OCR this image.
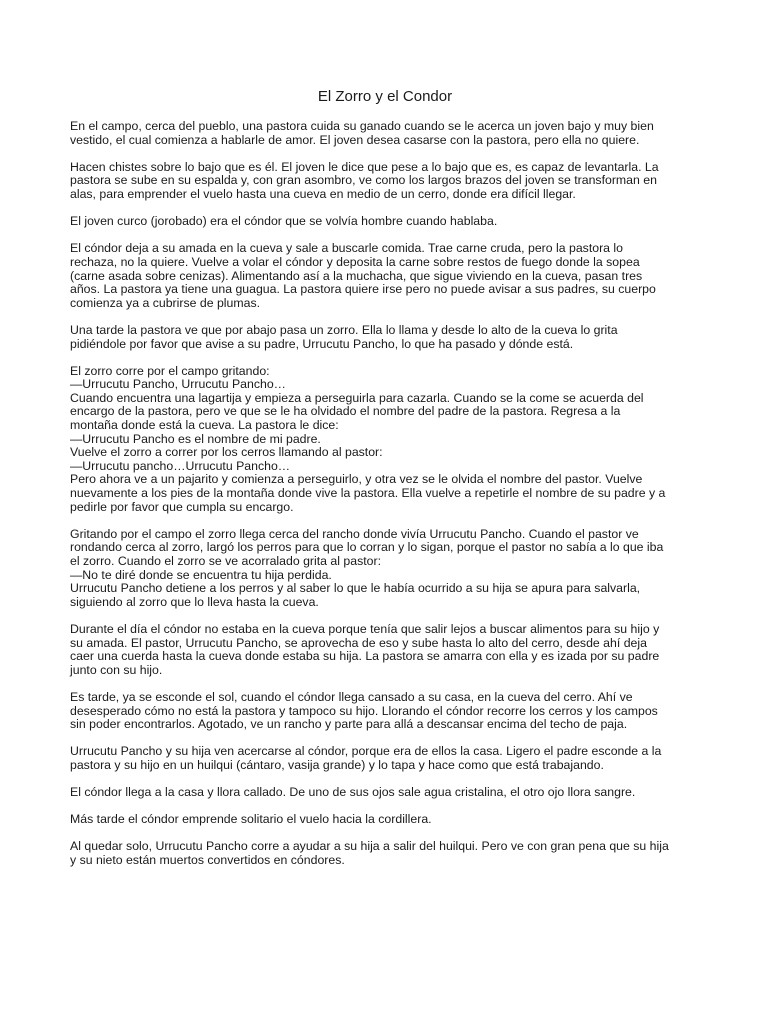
El Zorro y el Condor
En el campo, cerca del pueblo, una pastora cuida su ganado cuando se le acerca un joven bajo y muy bien
vestido, el cual comienza a hablarle de amor. El joven desea casarse con la pastora, pero ella no quiere.
Hacen chistes sobre lo bajo que es él. El joven le dice que pese a lo bajo que es, es capaz de levantarla. La
pastora se sube en su espalda y, con gran asombro, ve como los largos brazos del joven se transforman en
alas, para emprender el vuelo hasta una cueva en medio de un cerro, donde era difícil llegar.
El joven curco (jorobado) era el cóndor que se volvía hombre cuando hablaba.
El cóndor deja a su amada en la cueva y sale a buscarle comida. Trae carne cruda, pero la pastora lo
rechaza, no la quiere. Vuelve a volar el cóndor y deposita la carne sobre restos de fuego donde la sopea
(carne asada sobre cenizas). Alimentando así a la muchacha, que sigue viviendo en la cueva, pasan tres
años. La pastora ya tiene una guagua. La pastora quiere irse pero no puede avisar a sus padres, su cuerpo
comienza ya a cubrirse de plumas.
Una tarde la pastora ve que por abajo pasa un zorro. Ella lo llama y desde lo alto de la cueva lo grita
pidiéndole por favor que avise a su padre, Urrucutu Pancho, lo que ha pasado y dónde está.
El zorro corre por el campo gritando:
—Urrucutu Pancho, Urrucutu Pancho…
Cuando encuentra una lagartija y empieza a perseguirla para cazarla. Cuando se la come se acuerda del
encargo de la pastora, pero ve que se le ha olvidado el nombre del padre de la pastora. Regresa a la
montaña donde está la cueva. La pastora le dice:
—Urrucutu Pancho es el nombre de mi padre.
Vuelve el zorro a correr por los cerros llamando al pastor:
—Urrucutu pancho…Urrucutu Pancho…
Pero ahora ve a un pajarito y comienza a perseguirlo, y otra vez se le olvida el nombre del pastor. Vuelve
nuevamente a los pies de la montaña donde vive la pastora. Ella vuelve a repetirle el nombre de su padre y a
pedirle por favor que cumpla su encargo.
Gritando por el campo el zorro llega cerca del rancho donde vivía Urrucutu Pancho. Cuando el pastor ve
rondando cerca al zorro, largó los perros para que lo corran y lo sigan, porque el pastor no sabía a lo que iba
el zorro. Cuando el zorro se ve acorralado grita al pastor:
—No te diré donde se encuentra tu hija perdida.
Urrucutu Pancho detiene a los perros y al saber lo que le había ocurrido a su hija se apura para salvarla,
siguiendo al zorro que lo lleva hasta la cueva.
Durante el día el cóndor no estaba en la cueva porque tenía que salir lejos a buscar alimentos para su hijo y
su amada. El pastor, Urrucutu Pancho, se aprovecha de eso y sube hasta lo alto del cerro, desde ahí deja
caer una cuerda hasta la cueva donde estaba su hija. La pastora se amarra con ella y es izada por su padre
junto con su hijo.
Es tarde, ya se esconde el sol, cuando el cóndor llega cansado a su casa, en la cueva del cerro. Ahí ve
desesperado cómo no está la pastora y tampoco su hijo. Llorando el cóndor recorre los cerros y los campos
sin poder encontrarlos. Agotado, ve un rancho y parte para allá a descansar encima del techo de paja.
Urrucutu Pancho y su hija ven acercarse al cóndor, porque era de ellos la casa. Ligero el padre esconde a la
pastora y su hijo en un huilqui (cántaro, vasija grande) y lo tapa y hace como que está trabajando.
El cóndor llega a la casa y llora callado. De uno de sus ojos sale agua cristalina, el otro ojo llora sangre.
Más tarde el cóndor emprende solitario el vuelo hacia la cordillera.
Al quedar solo, Urrucutu Pancho corre a ayudar a su hija a salir del huilqui. Pero ve con gran pena que su hija
y su nieto están muertos convertidos en cóndores.
